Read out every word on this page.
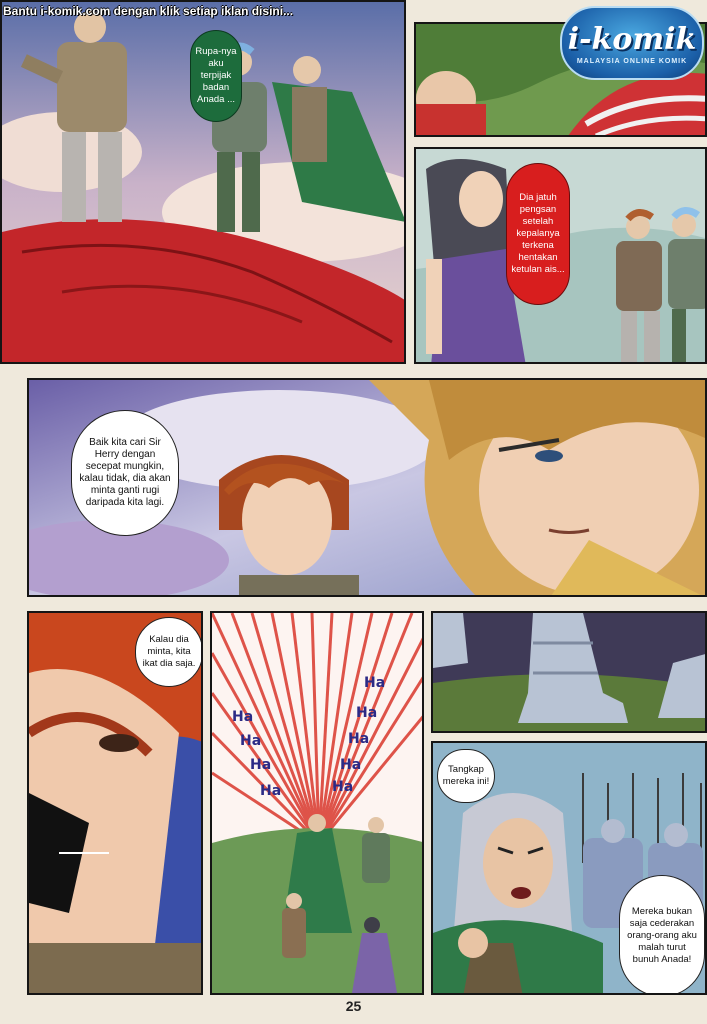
Bantu i-komik.com dengan klik setiap iklan disini...
i-komik
MALAYSIA ONLINE KOMIK
Rupa-nya aku terpijak badan Anada ...
Dia jatuh pengsan setelah kepalanya terkena hentakan ketulan ais...
Baik kita cari Sir Herry dengan secepat mungkin, kalau tidak, dia akan minta ganti rugi daripada kita lagi.
Kalau dia minta, kita ikat dia saja.
Ha
Ha
Ha
Ha
Ha
Ha
Ha
Ha
Ha
Tangkap mereka ini!
Mereka bukan saja cederakan orang-orang aku malah turut bunuh Anada!
25
